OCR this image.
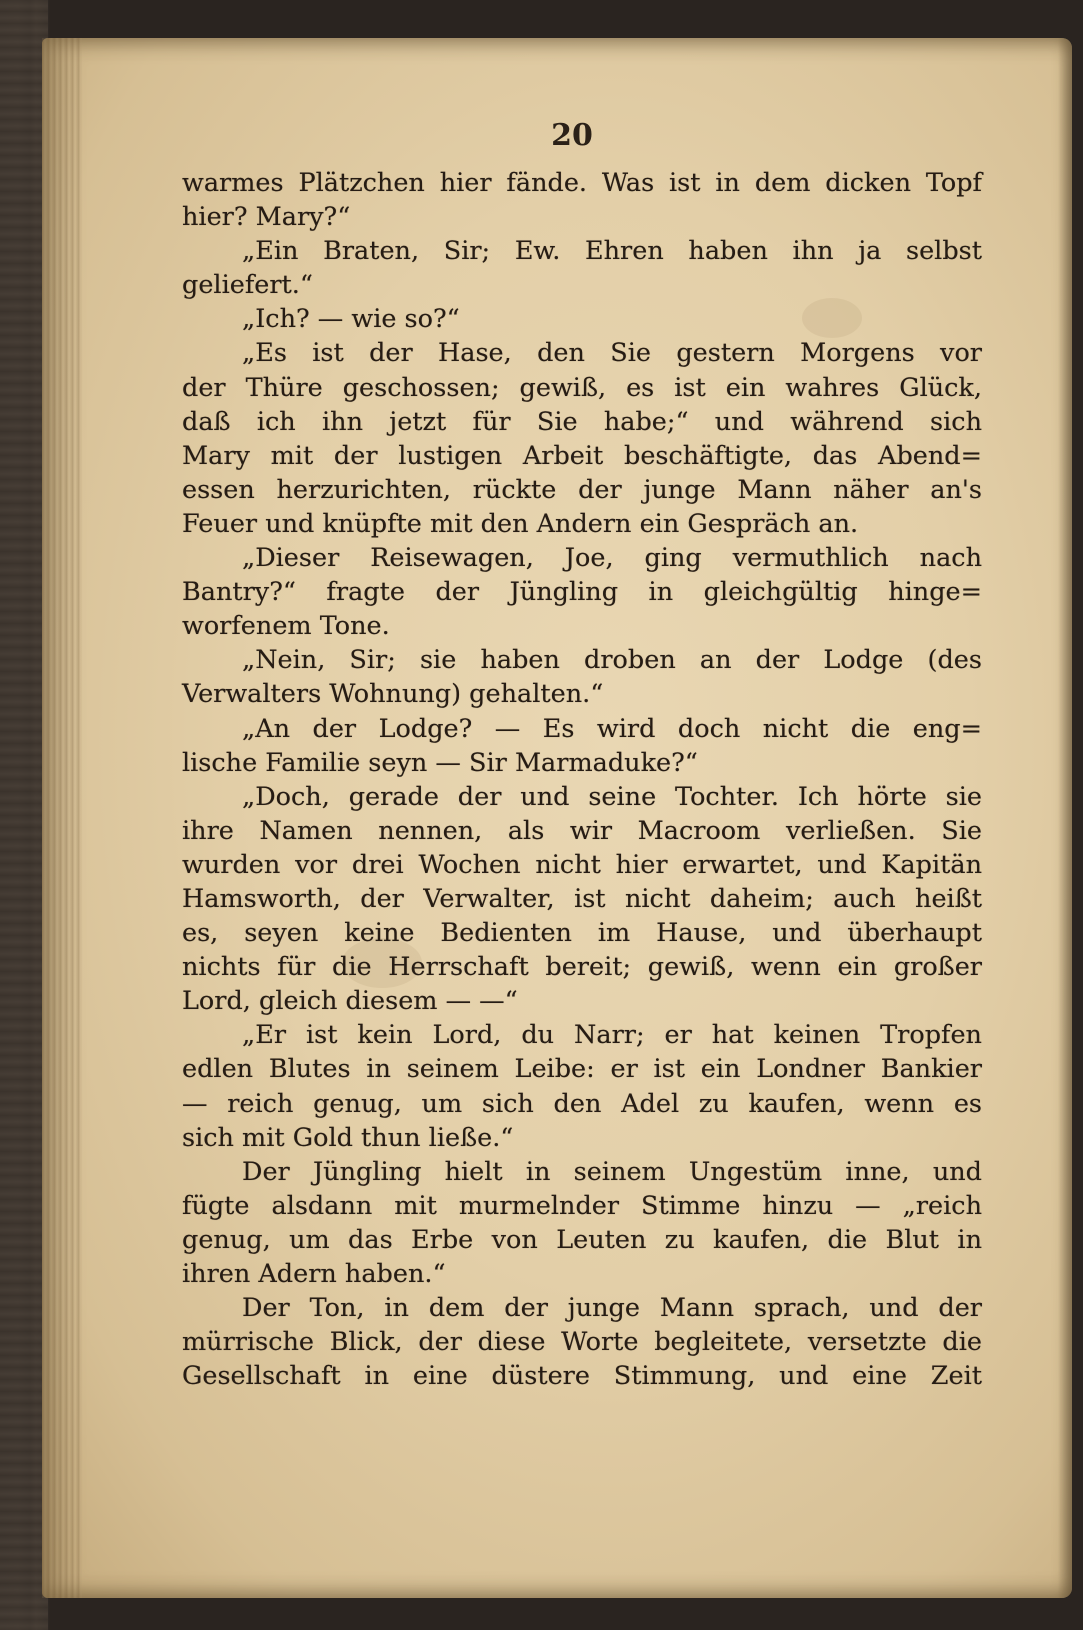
20
warmes Plätzchen hier fände. Was ist in dem dicken Topf
hier? Mary?“
„Ein Braten, Sir; Ew. Ehren haben ihn ja selbst
geliefert.“
„Ich? — wie so?“
„Es ist der Hase, den Sie gestern Morgens vor
der Thüre geschossen; gewiß, es ist ein wahres Glück,
daß ich ihn jetzt für Sie habe;“ und während sich
Mary mit der lustigen Arbeit beschäftigte, das Abend=
essen herzurichten, rückte der junge Mann näher an's
Feuer und knüpfte mit den Andern ein Gespräch an.
„Dieser Reisewagen, Joe, ging vermuthlich nach
Bantry?“ fragte der Jüngling in gleichgültig hinge=
worfenem Tone.
„Nein, Sir; sie haben droben an der Lodge (des
Verwalters Wohnung) gehalten.“
„An der Lodge? — Es wird doch nicht die eng=
lische Familie seyn — Sir Marmaduke?“
„Doch, gerade der und seine Tochter. Ich hörte sie
ihre Namen nennen, als wir Macroom verließen. Sie
wurden vor drei Wochen nicht hier erwartet, und Kapitän
Hamsworth, der Verwalter, ist nicht daheim; auch heißt
es, seyen keine Bedienten im Hause, und überhaupt
nichts für die Herrschaft bereit; gewiß, wenn ein großer
Lord, gleich diesem — —“
„Er ist kein Lord, du Narr; er hat keinen Tropfen
edlen Blutes in seinem Leibe: er ist ein Londner Bankier
— reich genug, um sich den Adel zu kaufen, wenn es
sich mit Gold thun ließe.“
Der Jüngling hielt in seinem Ungestüm inne, und
fügte alsdann mit murmelnder Stimme hinzu — „reich
genug, um das Erbe von Leuten zu kaufen, die Blut in
ihren Adern haben.“
Der Ton, in dem der junge Mann sprach, und der
mürrische Blick, der diese Worte begleitete, versetzte die
Gesellschaft in eine düstere Stimmung, und eine Zeit
